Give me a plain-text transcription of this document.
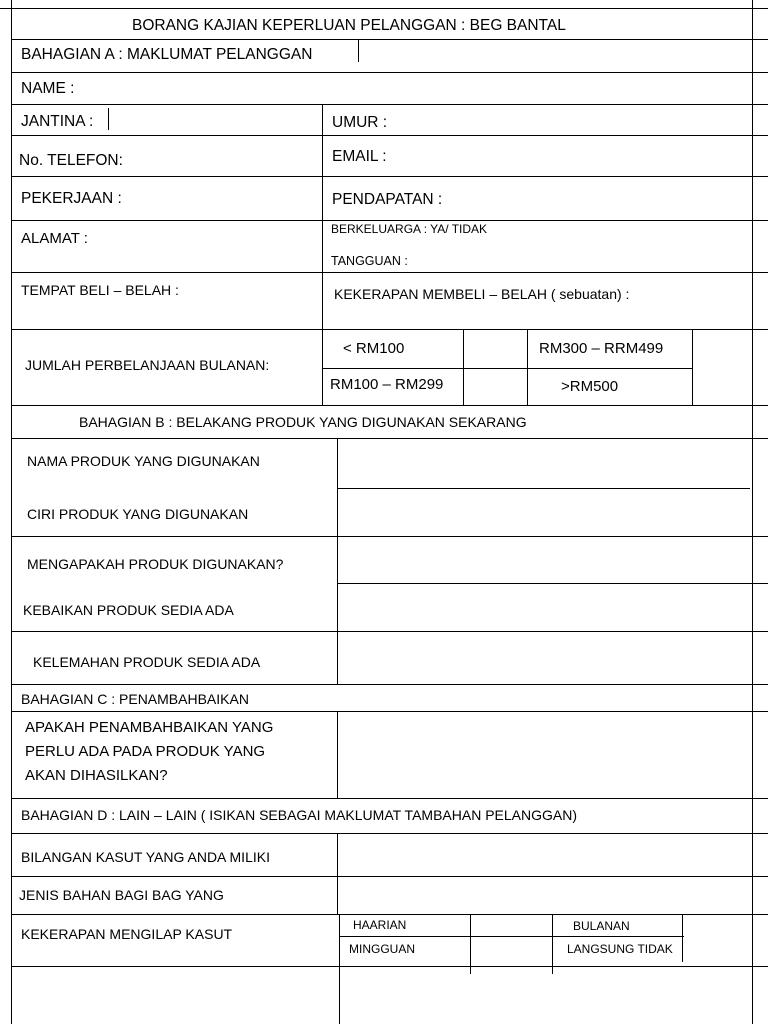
BORANG KAJIAN KEPERLUAN PELANGGAN : BEG BANTAL
BAHAGIAN A : MAKLUMAT PELANGGAN
NAME :
JANTINA :	UMUR :
No. TELEFON:	EMAIL :
PEKERJAAN :	PENDAPATAN :
ALAMAT :
BERKELUARGA : YA/ TIDAK
TANGGUAN :
TEMPAT BELI – BELAH :	KEKERAPAN MEMBELI – BELAH ( sebuatan) :
JUMLAH PERBELANJAAN BULANAN:
< RM100	RM300 – RRM499
RM100 – RM299	>RM500
BAHAGIAN B : BELAKANG PRODUK YANG DIGUNAKAN SEKARANG
NAMA PRODUK YANG DIGUNAKAN
CIRI PRODUK YANG DIGUNAKAN
MENGAPAKAH PRODUK DIGUNAKAN?
KEBAIKAN PRODUK SEDIA ADA
KELEMAHAN PRODUK SEDIA ADA
BAHAGIAN C : PENAMBAHBAIKAN
APAKAH PENAMBAHBAIKAN YANG
PERLU ADA PADA PRODUK YANG
AKAN DIHASILKAN?
BAHAGIAN D : LAIN – LAIN ( ISIKAN SEBAGAI MAKLUMAT TAMBAHAN PELANGGAN)
BILANGAN KASUT YANG ANDA MILIKI
JENIS BAHAN BAGI BAG YANG
KEKERAPAN MENGILAP KASUT
HAARIAN	BULANAN
MINGGUAN	LANGSUNG TIDAK
